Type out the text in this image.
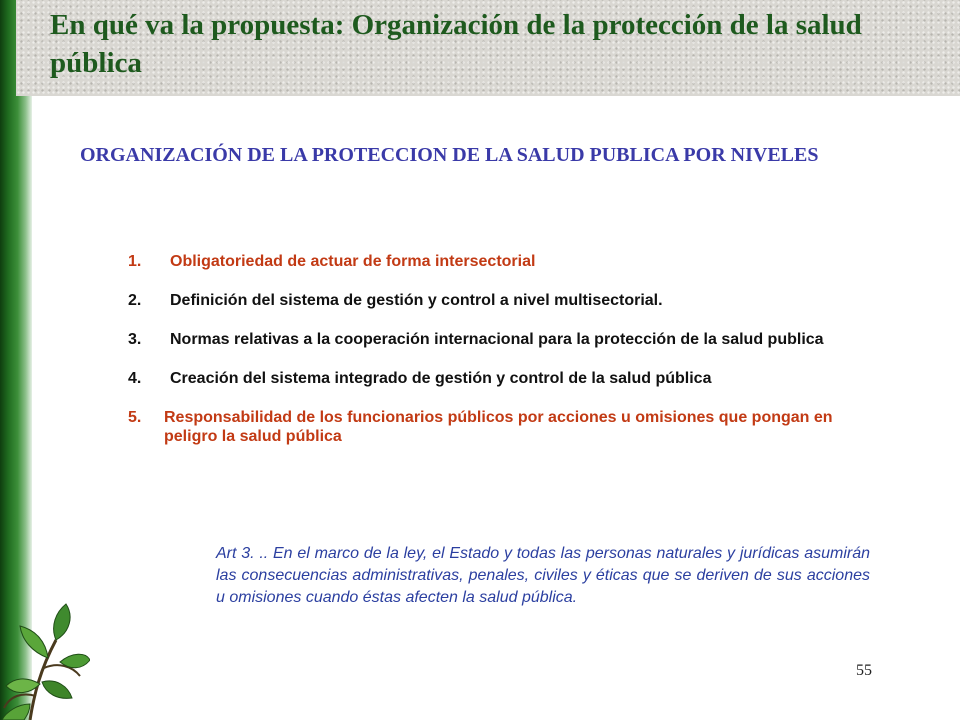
En qué va la propuesta: Organización de la protección de la salud pública
ORGANIZACIÓN DE LA PROTECCION DE LA SALUD PUBLICA POR NIVELES
1. Obligatoriedad de actuar de forma intersectorial
2. Definición del sistema de gestión y control a nivel multisectorial.
3. Normas relativas a la cooperación internacional para la protección de la salud publica
4. Creación del sistema integrado de gestión y control de la salud pública
5. Responsabilidad de los funcionarios públicos por acciones u omisiones que pongan en peligro la salud pública

Art 3. .. En el marco de la ley, el Estado y todas las personas naturales y jurídicas asumirán las consecuencias administrativas, penales, civiles y éticas que se deriven de sus acciones u omisiones cuando éstas afecten la salud pública.

55
